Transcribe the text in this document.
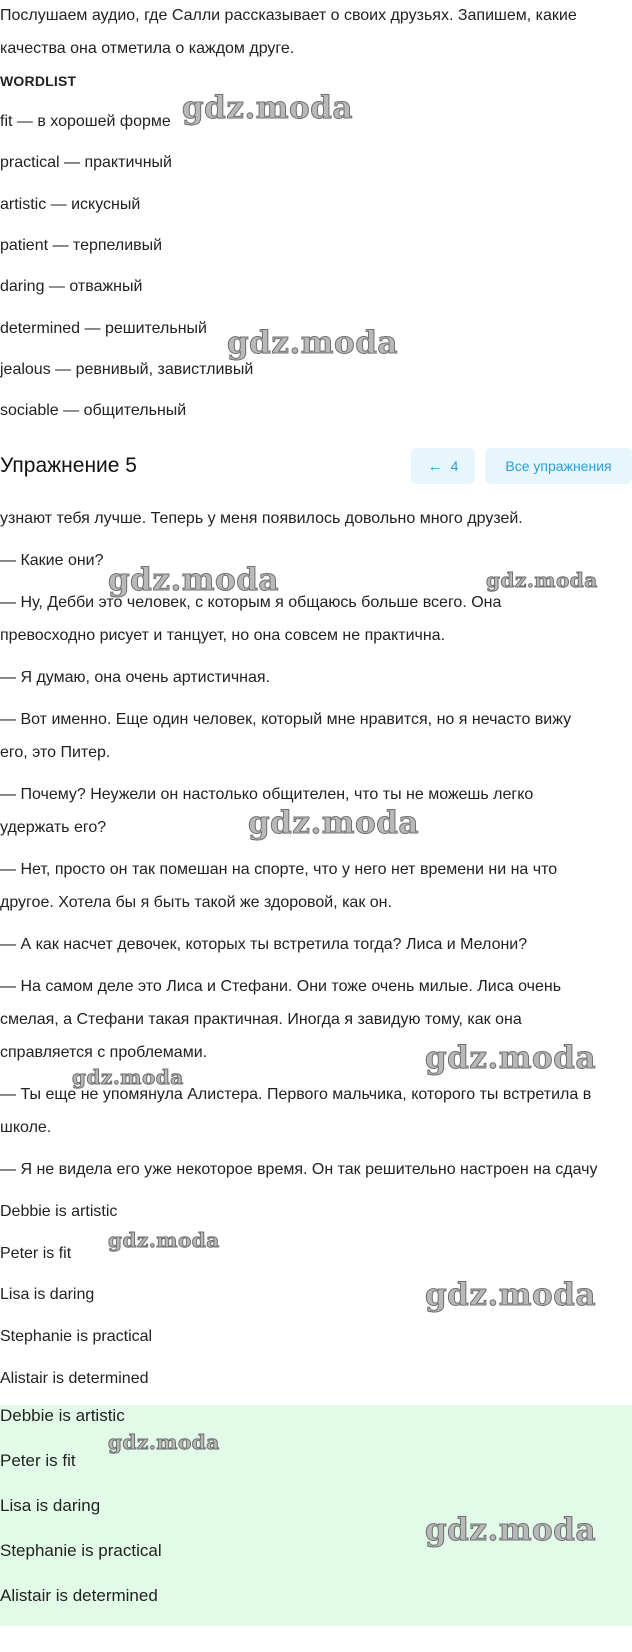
Послушаем аудио, где Салли рассказывает о своих друзьях. Запишем, какие
качества она отметила о каждом друге.
WORDLIST
fit — в хорошей форме
practical — практичный
artistic — искусный
patient — терпеливый
daring — отважный
determined — решительный
jealous — ревнивый, завистливый
sociable — общительный
Упражнение 5	← 4	Все упражнения
узнают тебя лучше. Теперь у меня появилось довольно много друзей.
— Какие они?
— Ну, Дебби это человек, с которым я общаюсь больше всего. Она
превосходно рисует и танцует, но она совсем не практична.
— Я думаю, она очень артистичная.
— Вот именно. Еще один человек, который мне нравится, но я нечасто вижу
его, это Питер.
— Почему? Неужели он настолько общителен, что ты не можешь легко
удержать его?
— Нет, просто он так помешан на спорте, что у него нет времени ни на что
другое. Хотела бы я быть такой же здоровой, как он.
— А как насчет девочек, которых ты встретила тогда? Лиса и Мелони?
— На самом деле это Лиса и Стефани. Они тоже очень милые. Лиса очень
смелая, а Стефани такая практичная. Иногда я завидую тому, как она
справляется с проблемами.
— Ты еще не упомянула Алистера. Первого мальчика, которого ты встретила в
школе.
— Я не видела его уже некоторое время. Он так решительно настроен на сдачу
Debbie is artistic
Peter is fit
Lisa is daring
Stephanie is practical
Alistair is determined
Debbie is artistic
Peter is fit
Lisa is daring
Stephanie is practical
Alistair is determined
gdz.moda
gdz.moda
gdz.moda	gdz.moda
gdz.moda
gdz.moda
gdz.moda
gdz.moda
gdz.moda
gdz.moda
gdz.moda
